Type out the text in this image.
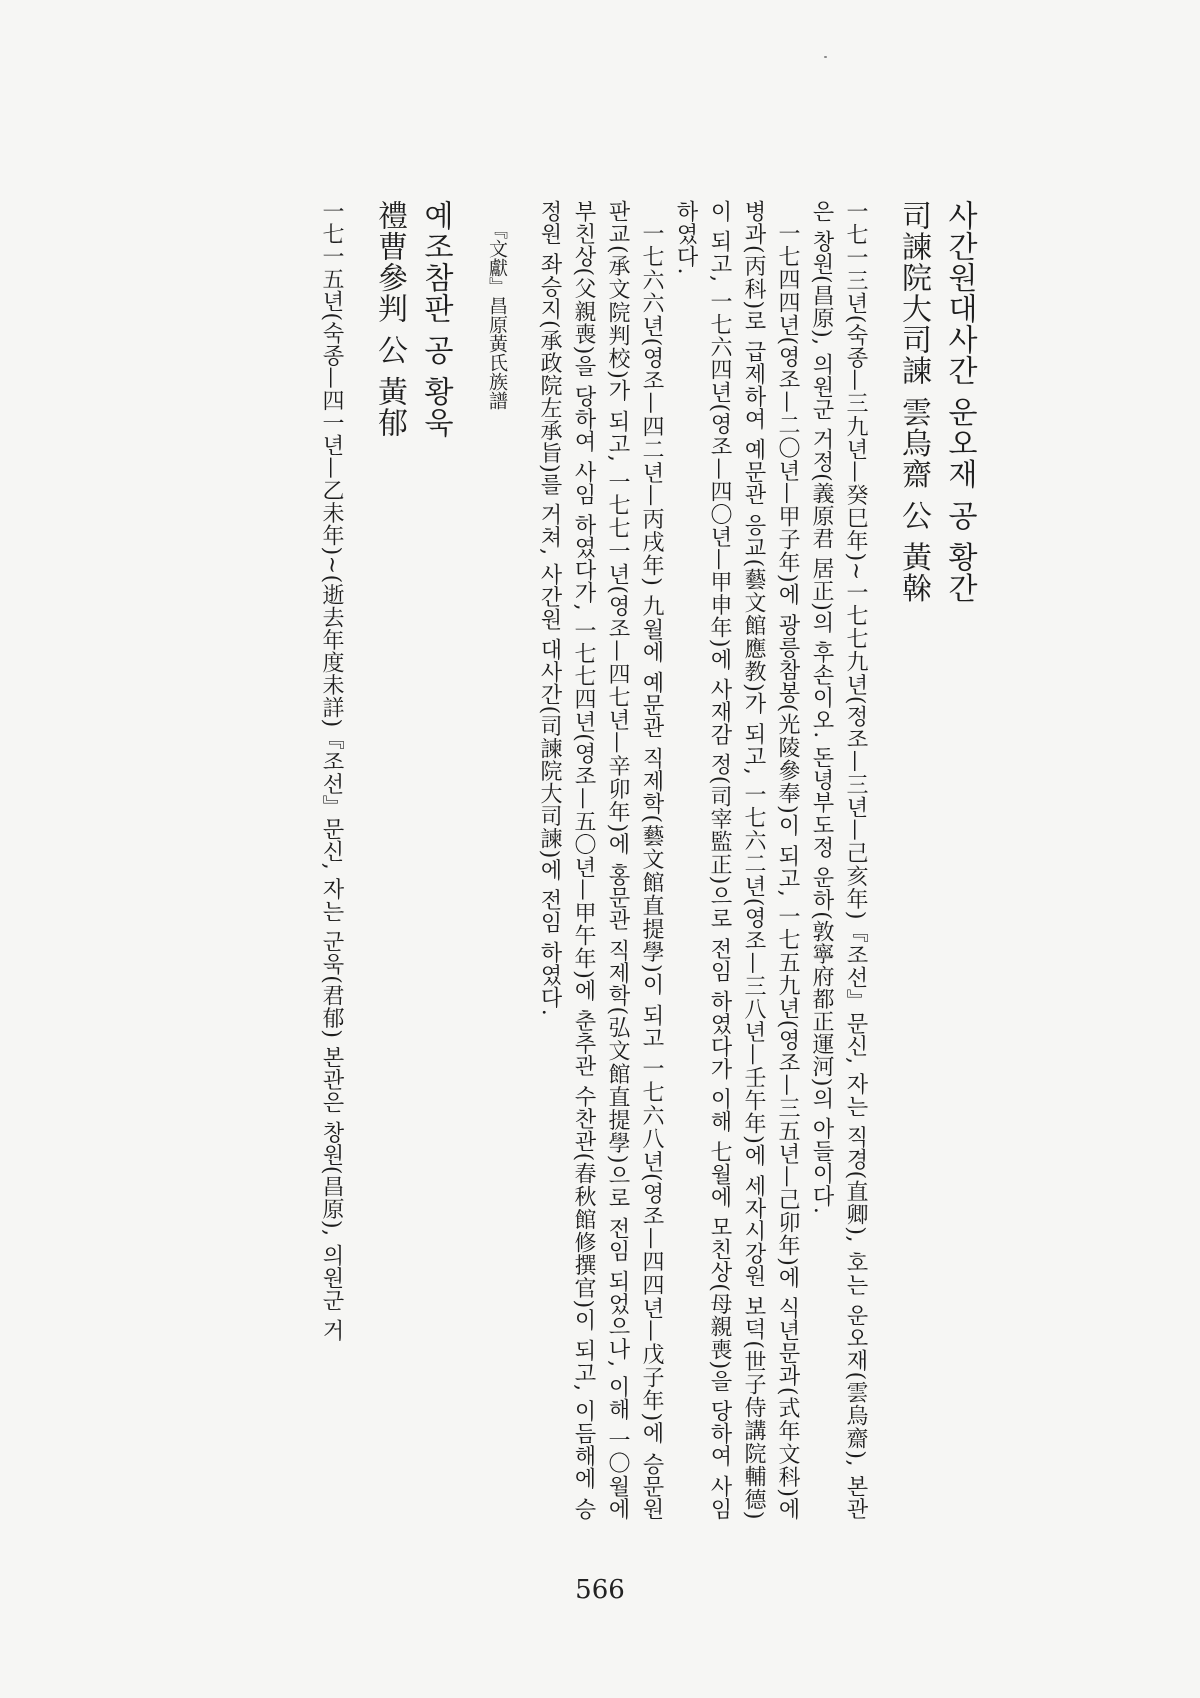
사간원대사간 운오재 공 황간
司諫院大司諫 雲烏齋 公 黃榦
一七一三년(숙종—三九년—癸巳年)~一七七九년(정조—三년—己亥年)『조선』문신, 자는 직경(直卿), 호는 운오재(雲烏齋), 본관은 창원(昌原), 의원군 거정(義原君 居正)의 후손이오. 돈녕부도정 운하(敦寧府都正運河)의 아들이다.
一七四四년(영조—二〇년—甲子年)에 광릉참봉(光陵參奉)이 되고, 一七五九년(영조—三五년—己卯年)에 식년문과(式年文科)에 병과(丙科)로 급제하여 예문관 응교(藝文館應教)가 되고, 一七六二년(영조—三八년—壬午年)에 세자시강원 보덕(世子侍講院輔德)이 되고, 一七六四년(영조—四〇년—甲申年)에 사재감 정(司宰監正)으로 전임 하였다가 이해 七월에 모친상(母親喪)을 당하여 사임 하였다.
一七六六년(영조—四二년—丙戌年) 九월에 예문관 직제학(藝文館直提學)이 되고 一七六八년(영조—四四년—戊子年)에 승문원 판교(承文院判校)가 되고, 一七七一년(영조—四七년—辛卯年)에 홍문관 직제학(弘文館直提學)으로 전임 되었으나, 이해 一〇월에 부친상(父親喪)을 당하여 사임 하였다가, 一七七四년(영조—五〇년—甲午年)에 춘추관 수찬관(春秋館修撰官)이 되고, 이듬해에 승정원 좌승지(承政院左承旨)를 거쳐, 사간원 대사간(司諫院大司諫)에 전임 하였다.
『文獻』昌原黃氏族譜
예조참판 공 황욱
禮曹參判 公 黃郁
一七一五년(숙종—四一년—乙未年)~(逝去年度未詳)『조선』문신, 자는 군욱(君郁) 본관은 창원(昌原), 의원군 거
566
